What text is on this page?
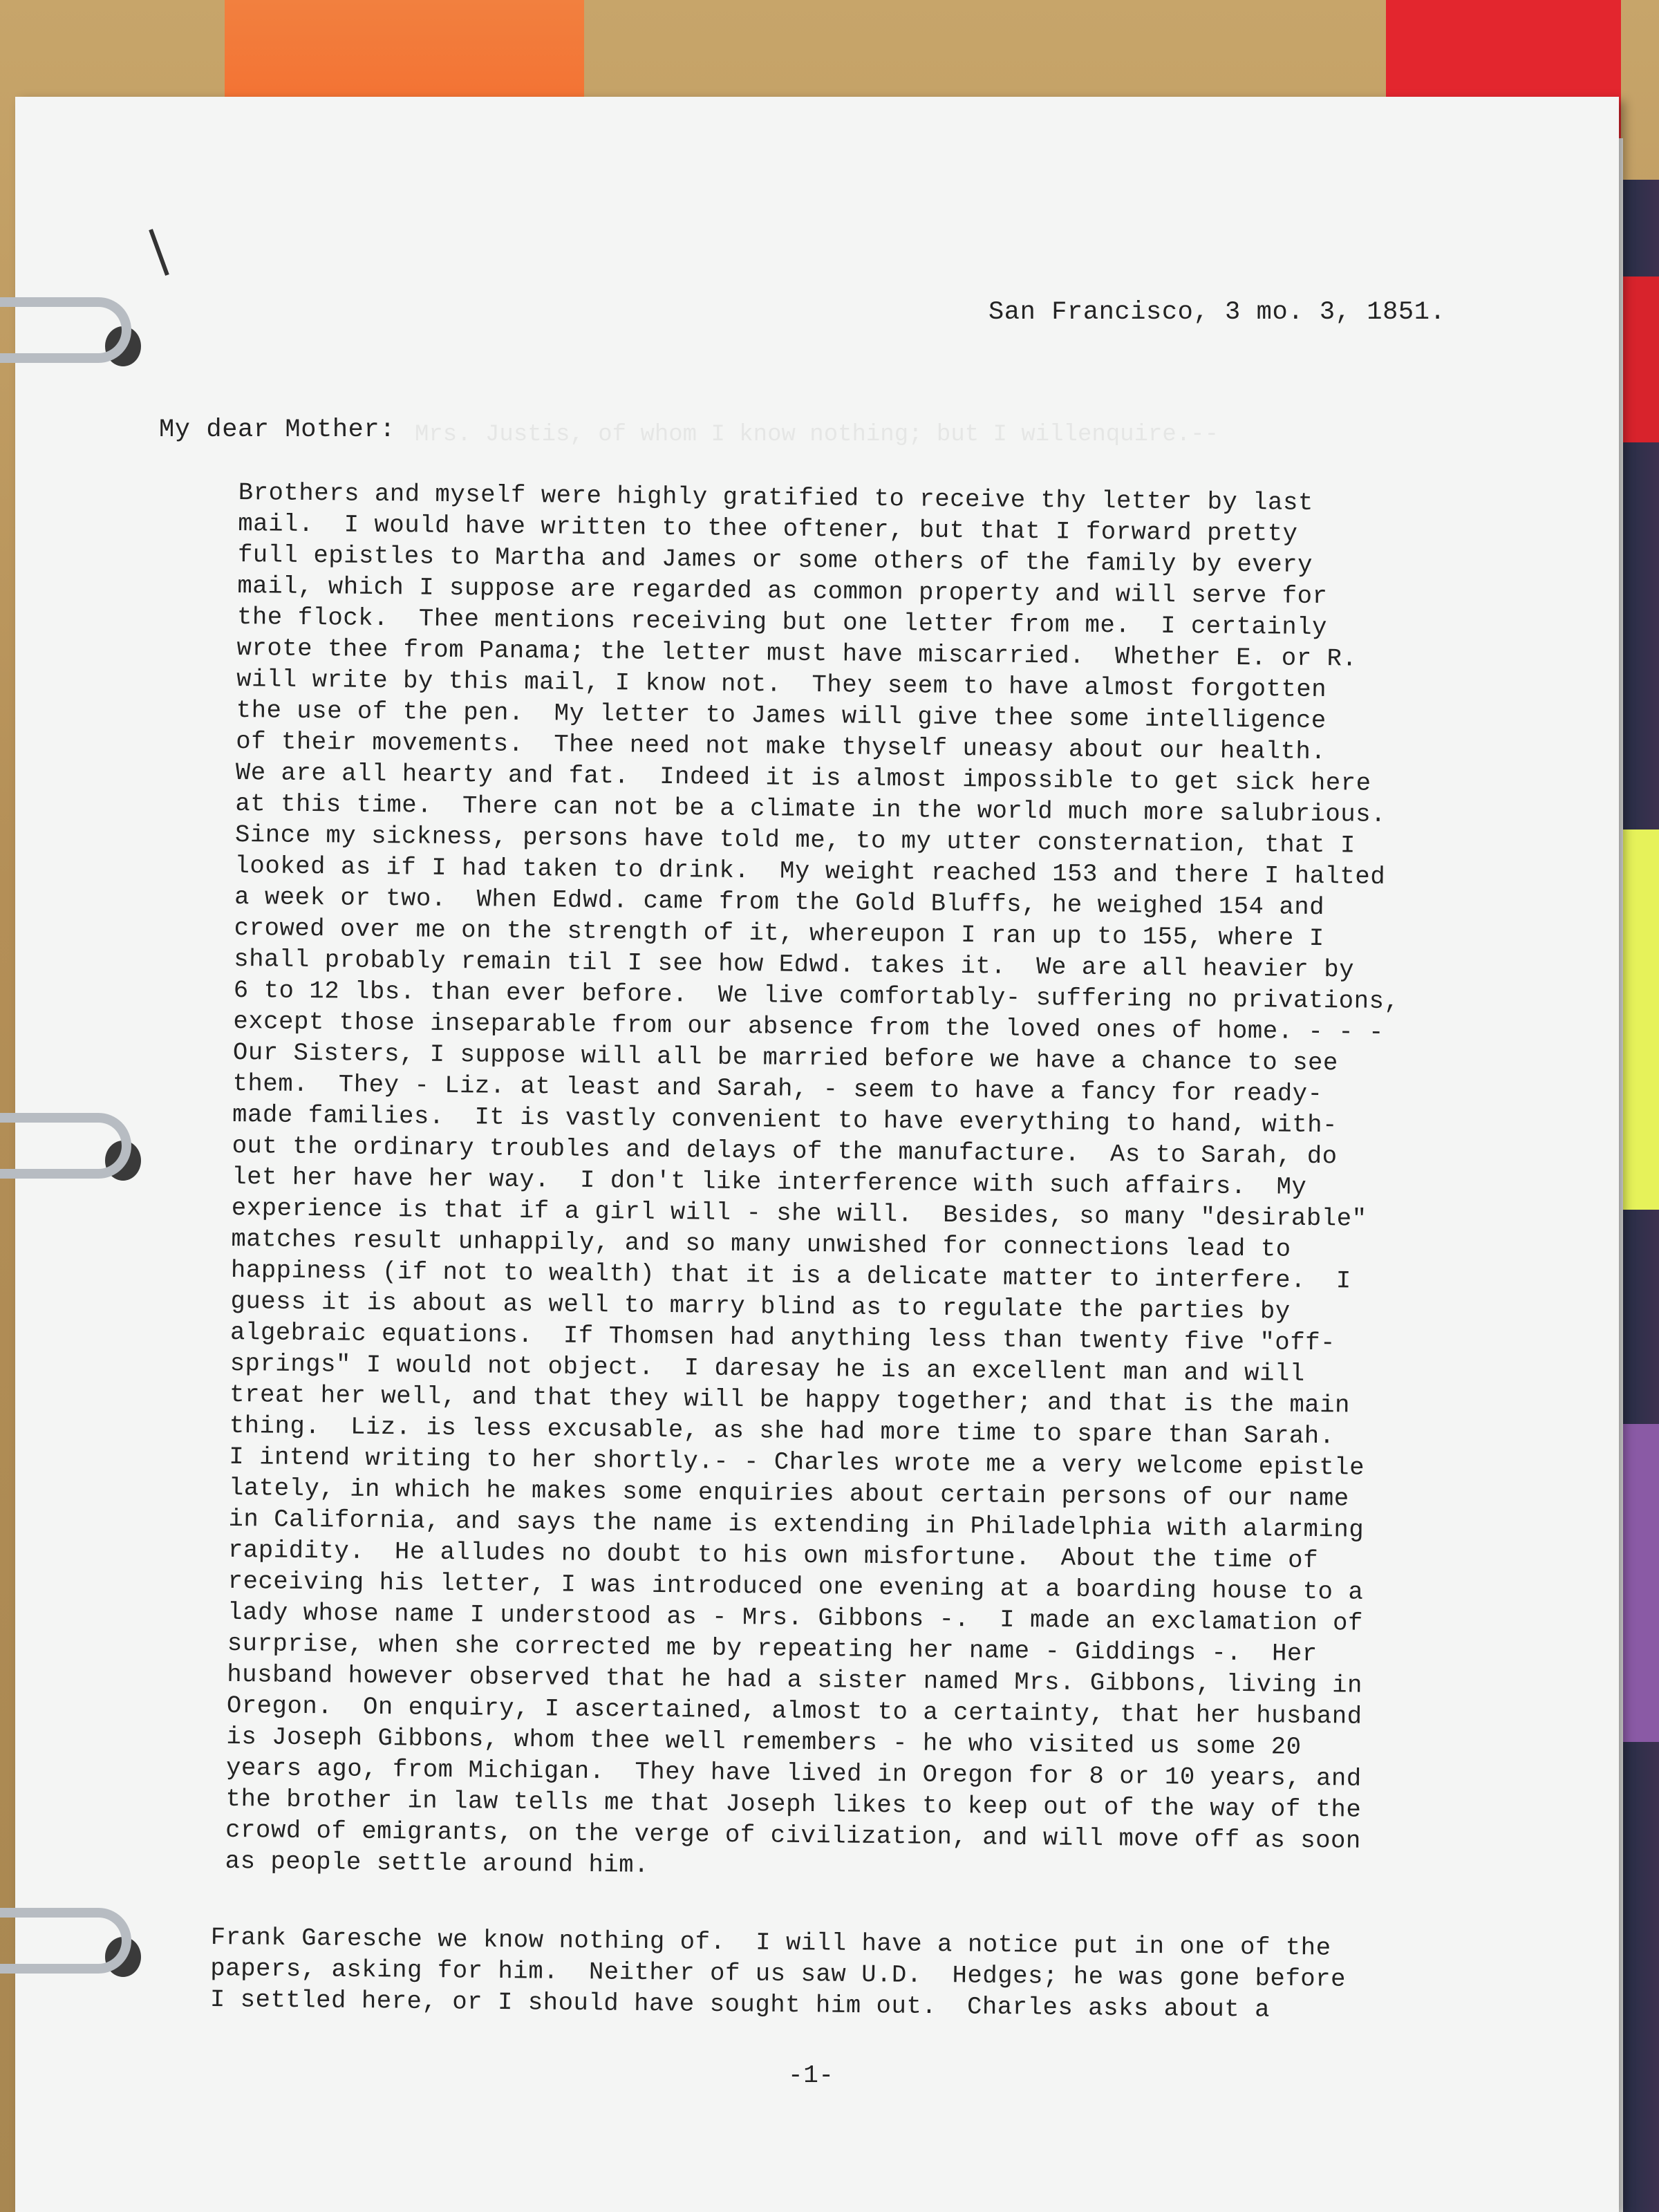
Mrs. Justis, of whom I know nothing; but I willenquire.--

San Francisco, 3 mo. 3, 1851.

My dear Mother:

Brothers and myself were highly gratified to receive thy letter by last
mail.  I would have written to thee oftener, but that I forward pretty
full epistles to Martha and James or some others of the family by every
mail, which I suppose are regarded as common property and will serve for
the flock.  Thee mentions receiving but one letter from me.  I certainly
wrote thee from Panama; the letter must have miscarried.  Whether E. or R.
will write by this mail, I know not.  They seem to have almost forgotten
the use of the pen.  My letter to James will give thee some intelligence
of their movements.  Thee need not make thyself uneasy about our health.
We are all hearty and fat.  Indeed it is almost impossible to get sick here
at this time.  There can not be a climate in the world much more salubrious.
Since my sickness, persons have told me, to my utter consternation, that I
looked as if I had taken to drink.  My weight reached 153 and there I halted
a week or two.  When Edwd. came from the Gold Bluffs, he weighed 154 and
crowed over me on the strength of it, whereupon I ran up to 155, where I
shall probably remain til I see how Edwd. takes it.  We are all heavier by
6 to 12 lbs. than ever before.  We live comfortably- suffering no privations,
except those inseparable from our absence from the loved ones of home. - - -
Our Sisters, I suppose will all be married before we have a chance to see
them.  They - Liz. at least and Sarah, - seem to have a fancy for ready-
made families.  It is vastly convenient to have everything to hand, with-
out the ordinary troubles and delays of the manufacture.  As to Sarah, do
let her have her way.  I don't like interference with such affairs.  My
experience is that if a girl will - she will.  Besides, so many "desirable"
matches result unhappily, and so many unwished for connections lead to
happiness (if not to wealth) that it is a delicate matter to interfere.  I
guess it is about as well to marry blind as to regulate the parties by
algebraic equations.  If Thomsen had anything less than twenty five "off-
springs" I would not object.  I daresay he is an excellent man and will
treat her well, and that they will be happy together; and that is the main
thing.  Liz. is less excusable, as she had more time to spare than Sarah.
I intend writing to her shortly.- - Charles wrote me a very welcome epistle
lately, in which he makes some enquiries about certain persons of our name
in California, and says the name is extending in Philadelphia with alarming
rapidity.  He alludes no doubt to his own misfortune.  About the time of
receiving his letter, I was introduced one evening at a boarding house to a
lady whose name I understood as - Mrs. Gibbons -.  I made an exclamation of
surprise, when she corrected me by repeating her name - Giddings -.  Her
husband however observed that he had a sister named Mrs. Gibbons, living in
Oregon.  On enquiry, I ascertained, almost to a certainty, that her husband
is Joseph Gibbons, whom thee well remembers - he who visited us some 20
years ago, from Michigan.  They have lived in Oregon for 8 or 10 years, and
the brother in law tells me that Joseph likes to keep out of the way of the
crowd of emigrants, on the verge of civilization, and will move off as soon
as people settle around him.
Frank Garesche we know nothing of.  I will have a notice put in one of the
papers, asking for him.  Neither of us saw U.D.  Hedges; he was gone before
I settled here, or I should have sought him out.  Charles asks about a

-1-
